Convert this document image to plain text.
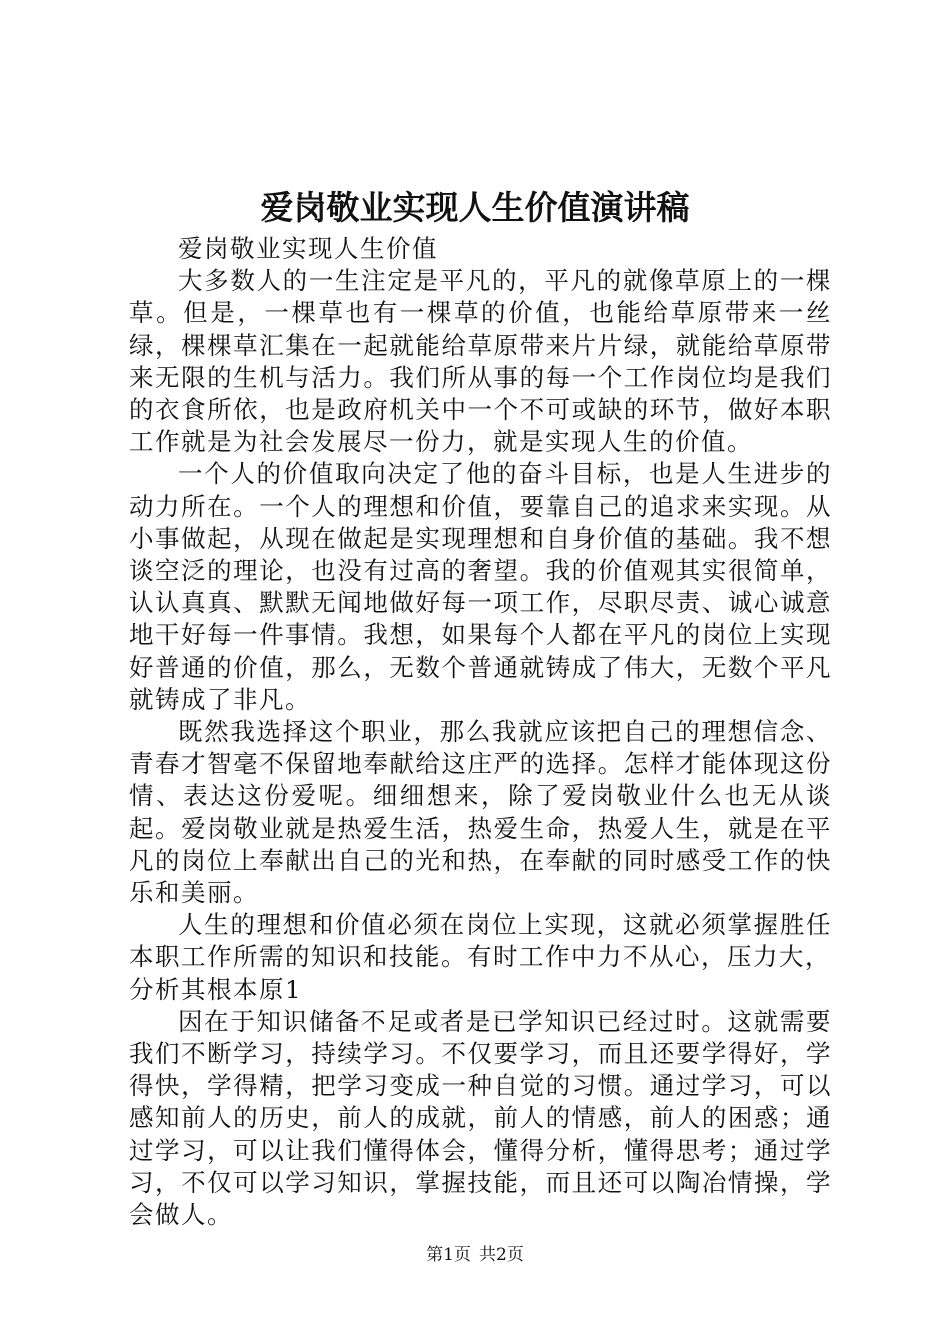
爱岗敬业实现人生价值演讲稿

爱岗敬业实现人生价值

大多数人的一生注定是平凡的，平凡的就像草原上的一棵草。但是，一棵草也有一棵草的价值，也能给草原带来一丝绿，棵棵草汇集在一起就能给草原带来片片绿，就能给草原带来无限的生机与活力。我们所从事的每一个工作岗位均是我们的衣食所依，也是政府机关中一个不可或缺的环节，做好本职工作就是为社会发展尽一份力，就是实现人生的价值。

一个人的价值取向决定了他的奋斗目标，也是人生进步的动力所在。一个人的理想和价值，要靠自己的追求来实现。从小事做起，从现在做起是实现理想和自身价值的基础。我不想谈空泛的理论，也没有过高的奢望。我的价值观其实很简单，认认真真、默默无闻地做好每一项工作，尽职尽责、诚心诚意地干好每一件事情。我想，如果每个人都在平凡的岗位上实现好普通的价值，那么，无数个普通就铸成了伟大，无数个平凡就铸成了非凡。

既然我选择这个职业，那么我就应该把自己的理想信念、青春才智毫不保留地奉献给这庄严的选择。怎样才能体现这份情、表达这份爱呢。细细想来，除了爱岗敬业什么也无从谈起。爱岗敬业就是热爱生活，热爱生命，热爱人生，就是在平凡的岗位上奉献出自己的光和热，在奉献的同时感受工作的快乐和美丽。

人生的理想和价值必须在岗位上实现，这就必须掌握胜任本职工作所需的知识和技能。有时工作中力不从心，压力大，

分析其根本原1

因在于知识储备不足或者是已学知识已经过时。这就需要我们不断学习，持续学习。不仅要学习，而且还要学得好，学得快，学得精，把学习变成一种自觉的习惯。通过学习，可以感知前人的历史，前人的成就，前人的情感，前人的困惑；通过学习，可以让我们懂得体会，懂得分析，懂得思考；通过学习，不仅可以学习知识，掌握技能，而且还可以陶冶情操，学会做人。

第1页 共2页
